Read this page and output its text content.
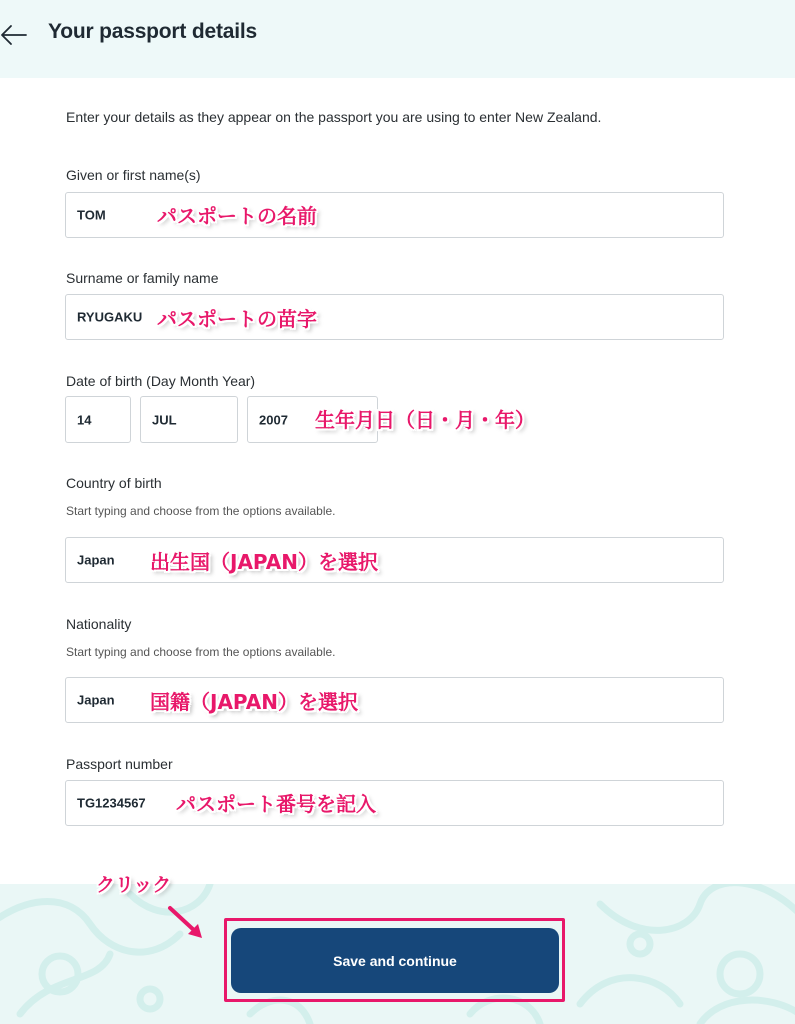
Your passport details
Enter your details as they appear on the passport you are using to enter New Zealand.
Given or first name(s)
TOM	パスポートの名前
Surname or family name
RYUGAKU パスポートの苗字
Date of birth (Day Month Year)
14	JUL	2007 生年月日（日・月・年）
Country of birth
Start typing and choose from the options available.
Japan 出生国（JAPAN）を選択
Nationality
Start typing and choose from the options available.
Japan 国籍（JAPAN）を選択
Passport number
TG1234567 パスポート番号を記入
クリック
Save and continue
